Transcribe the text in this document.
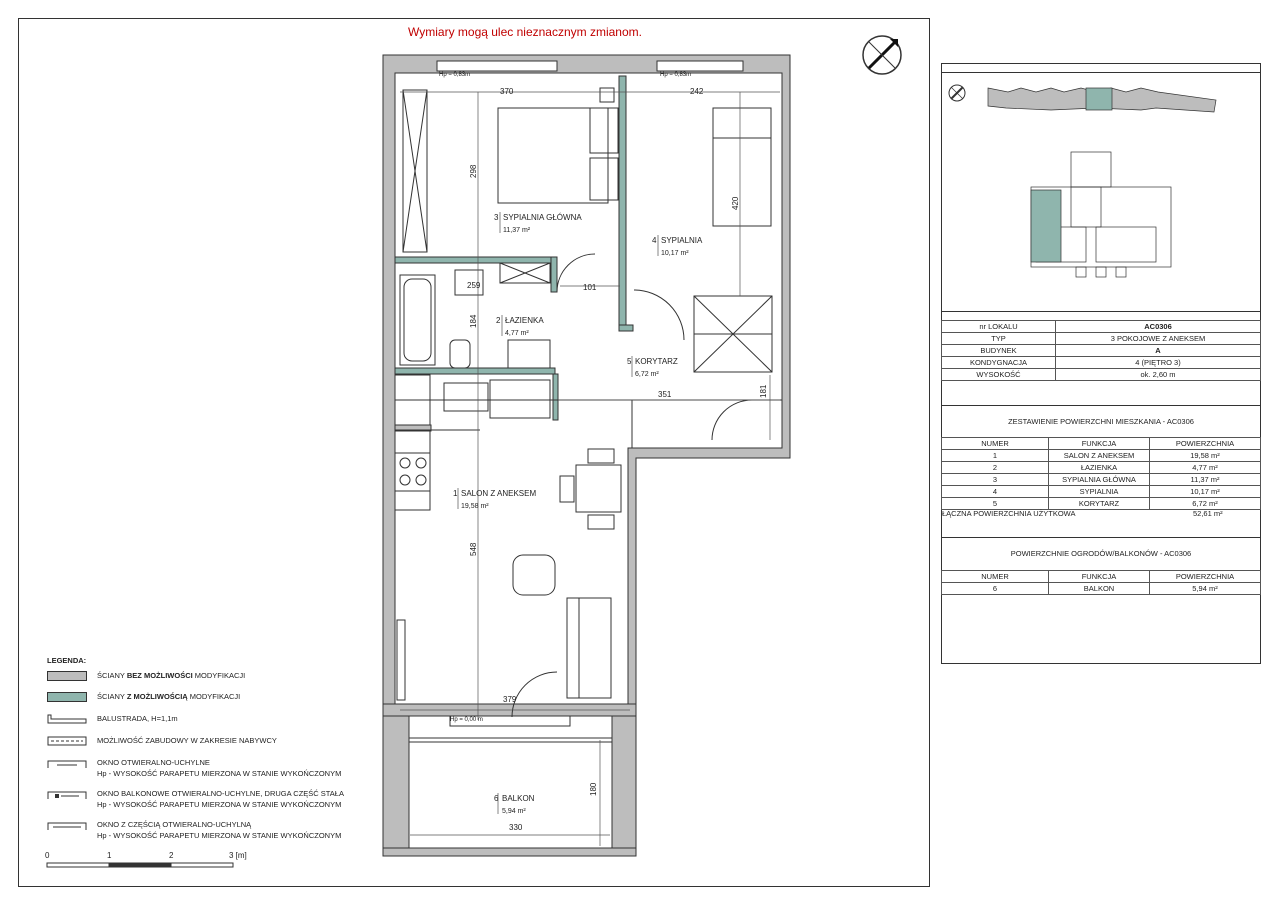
Wymiary mogą ulec nieznacznym zmianom.
370	242
298
420
101
259
184
351	181
548
379
180
330
Hp = 0,83m	Hp = 0,83m
Hp = 0,00 m
3 SYPIALNIA GŁÓWNA
11,37 m²
4 SYPIALNIA
10,17 m²
2 ŁAZIENKA
4,77 m²
5 KORYTARZ
6,72 m²
1 SALON Z ANEKSEM
19,58 m²
6 BALKON
5,94 m²
LEGENDA:
ŚCIANY BEZ MOŻLIWOŚCI MODYFIKACJI
ŚCIANY Z MOŻLIWOŚCIĄ MODYFIKACJI
BALUSTRADA, H=1,1m
MOŻLIWOŚĆ ZABUDOWY W ZAKRESIE NABYWCY
OKNO OTWIERALNO-UCHYLNE
Hp - WYSOKOŚĆ PARAPETU MIERZONA W STANIE WYKOŃCZONYM
OKNO BALKONOWE OTWIERALNO-UCHYLNE, DRUGA CZĘŚĆ STAŁA
Hp - WYSOKOŚĆ PARAPETU MIERZONA W STANIE WYKOŃCZONYM
OKNO Z CZĘŚCIĄ OTWIERALNO-UCHYLNĄ
Hp - WYSOKOŚĆ PARAPETU MIERZONA W STANIE WYKOŃCZONYM
0	1	2	3 [m]
nr LOKALU	AC0306
TYP	3 POKOJOWE Z ANEKSEM
BUDYNEK	A
KONDYGNACJA	4 (PIĘTRO 3)
WYSOKOŚĆ	ok. 2,60 m
ZESTAWIENIE POWIERZCHNI MIESZKANIA - AC0306
NUMER	FUNKCJA	POWIERZCHNIA
1	SALON Z ANEKSEM	19,58 m²
2	ŁAZIENKA	4,77 m²
3	SYPIALNIA GŁÓWNA	11,37 m²
4	SYPIALNIA	10,17 m²
5	KORYTARZ	6,72 m²
ŁĄCZNA POWIERZCHNIA UŻYTKOWA	52,61 m²
POWIERZCHNIE OGRODÓW/BALKONÓW - AC0306
NUMER	FUNKCJA	POWIERZCHNIA
6	BALKON	5,94 m²
